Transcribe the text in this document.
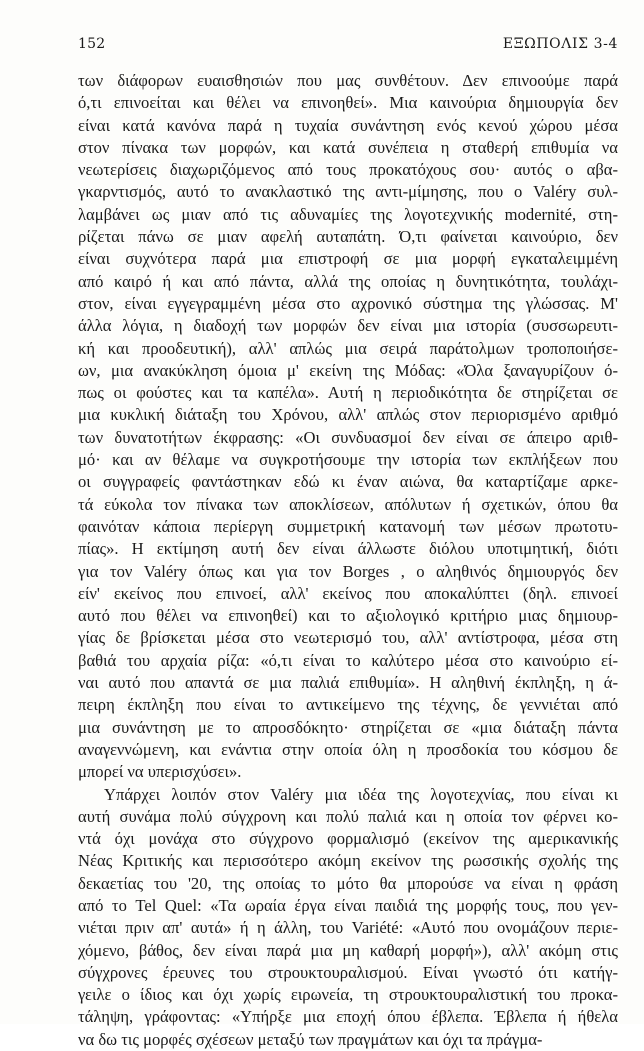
152	ΕΞΩΠΟΛΙΣ 3-4
των διάφορων ευαισθησιών που μας συνθέτουν. Δεν επινοούμε παρά
ό,τι επινοείται και θέλει να επινοηθεί». Μια καινούρια δημιουργία δεν
είναι κατά κανόνα παρά η τυχαία συνάντηση ενός κενού χώρου μέσα
στον πίνακα των μορφών, και κατά συνέπεια η σταθερή επιθυμία να
νεωτερίσεις διαχωριζόμενος από τους προκατόχους σου· αυτός ο αβα-
γκαρντισμός, αυτό το ανακλαστικό της αντι-μίμησης, που ο Valéry συλ-
λαμβάνει ως μιαν από τις αδυναμίες της λογοτεχνικής modernité, στη-
ρίζεται πάνω σε μιαν αφελή αυταπάτη. Ό,τι φαίνεται καινούριο, δεν
είναι συχνότερα παρά μια επιστροφή σε μια μορφή εγκαταλειμμένη
από καιρό ή και από πάντα, αλλά της οποίας η δυνητικότητα, τουλάχι-
στον, είναι εγγεγραμμένη μέσα στο αχρονικό σύστημα της γλώσσας. Μ'
άλλα λόγια, η διαδοχή των μορφών δεν είναι μια ιστορία (συσσωρευτι-
κή και προοδευτική), αλλ' απλώς μια σειρά παράτολμων τροποποιήσε-
ων, μια ανακύκληση όμοια μ' εκείνη της Μόδας: «Όλα ξαναγυρίζουν ό-
πως οι φούστες και τα καπέλα». Αυτή η περιοδικότητα δε στηρίζεται σε
μια κυκλική διάταξη του Χρόνου, αλλ' απλώς στον περιορισμένο αριθμό
των δυνατοτήτων έκφρασης: «Οι συνδυασμοί δεν είναι σε άπειρο αριθ-
μό· και αν θέλαμε να συγκροτήσουμε την ιστορία των εκπλήξεων που
οι συγγραφείς φαντάστηκαν εδώ κι έναν αιώνα, θα καταρτίζαμε αρκε-
τά εύκολα τον πίνακα των αποκλίσεων, απόλυτων ή σχετικών, όπου θα
φαινόταν κάποια περίεργη συμμετρική κατανομή των μέσων πρωτοτυ-
πίας». Η εκτίμηση αυτή δεν είναι άλλωστε διόλου υποτιμητική, διότι
για τον Valéry όπως και για τον Borges , ο αληθινός δημιουργός δεν
είν' εκείνος που επινοεί, αλλ' εκείνος που αποκαλύπτει (δηλ. επινοεί
αυτό που θέλει να επινοηθεί) και το αξιολογικό κριτήριο μιας δημιουρ-
γίας δε βρίσκεται μέσα στο νεωτερισμό του, αλλ' αντίστροφα, μέσα στη
βαθιά του αρχαία ρίζα: «ό,τι είναι το καλύτερο μέσα στο καινούριο εί-
ναι αυτό που απαντά σε μια παλιά επιθυμία». Η αληθινή έκπληξη, η ά-
πειρη έκπληξη που είναι το αντικείμενο της τέχνης, δε γεννιέται από
μια συνάντηση με το απροσδόκητο· στηρίζεται σε «μια διάταξη πάντα
αναγεννώμενη, και ενάντια στην οποία όλη η προσδοκία του κόσμου δε
μπορεί να υπερισχύσει».
Υπάρχει λοιπόν στον Valéry μια ιδέα της λογοτεχνίας, που είναι κι
αυτή συνάμα πολύ σύγχρονη και πολύ παλιά και η οποία τον φέρνει κο-
ντά όχι μονάχα στο σύγχρονο φορμαλισμό (εκείνον της αμερικανικής
Νέας Κριτικής και περισσότερο ακόμη εκείνον της ρωσσικής σχολής της
δεκαετίας του '20, της οποίας το μότο θα μπορούσε να είναι η φράση
από το Tel Quel: «Τα ωραία έργα είναι παιδιά της μορφής τους, που γεν-
νιέται πριν απ' αυτά» ή η άλλη, του Variété: «Αυτό που ονομάζουν περιε-
χόμενο, βάθος, δεν είναι παρά μια μη καθαρή μορφή»), αλλ' ακόμη στις
σύγχρονες έρευνες του στρουκτουραλισμού. Είναι γνωστό ότι κατήγ-
γειλε ο ίδιος και όχι χωρίς ειρωνεία, τη στρουκτουραλιστική του προκα-
τάληψη, γράφοντας: «Υπήρξε μια εποχή όπου έβλεπα. Έβλεπα ή ήθελα
να δω τις μορφές σχέσεων μεταξύ των πραγμάτων και όχι τα πράγμα-
